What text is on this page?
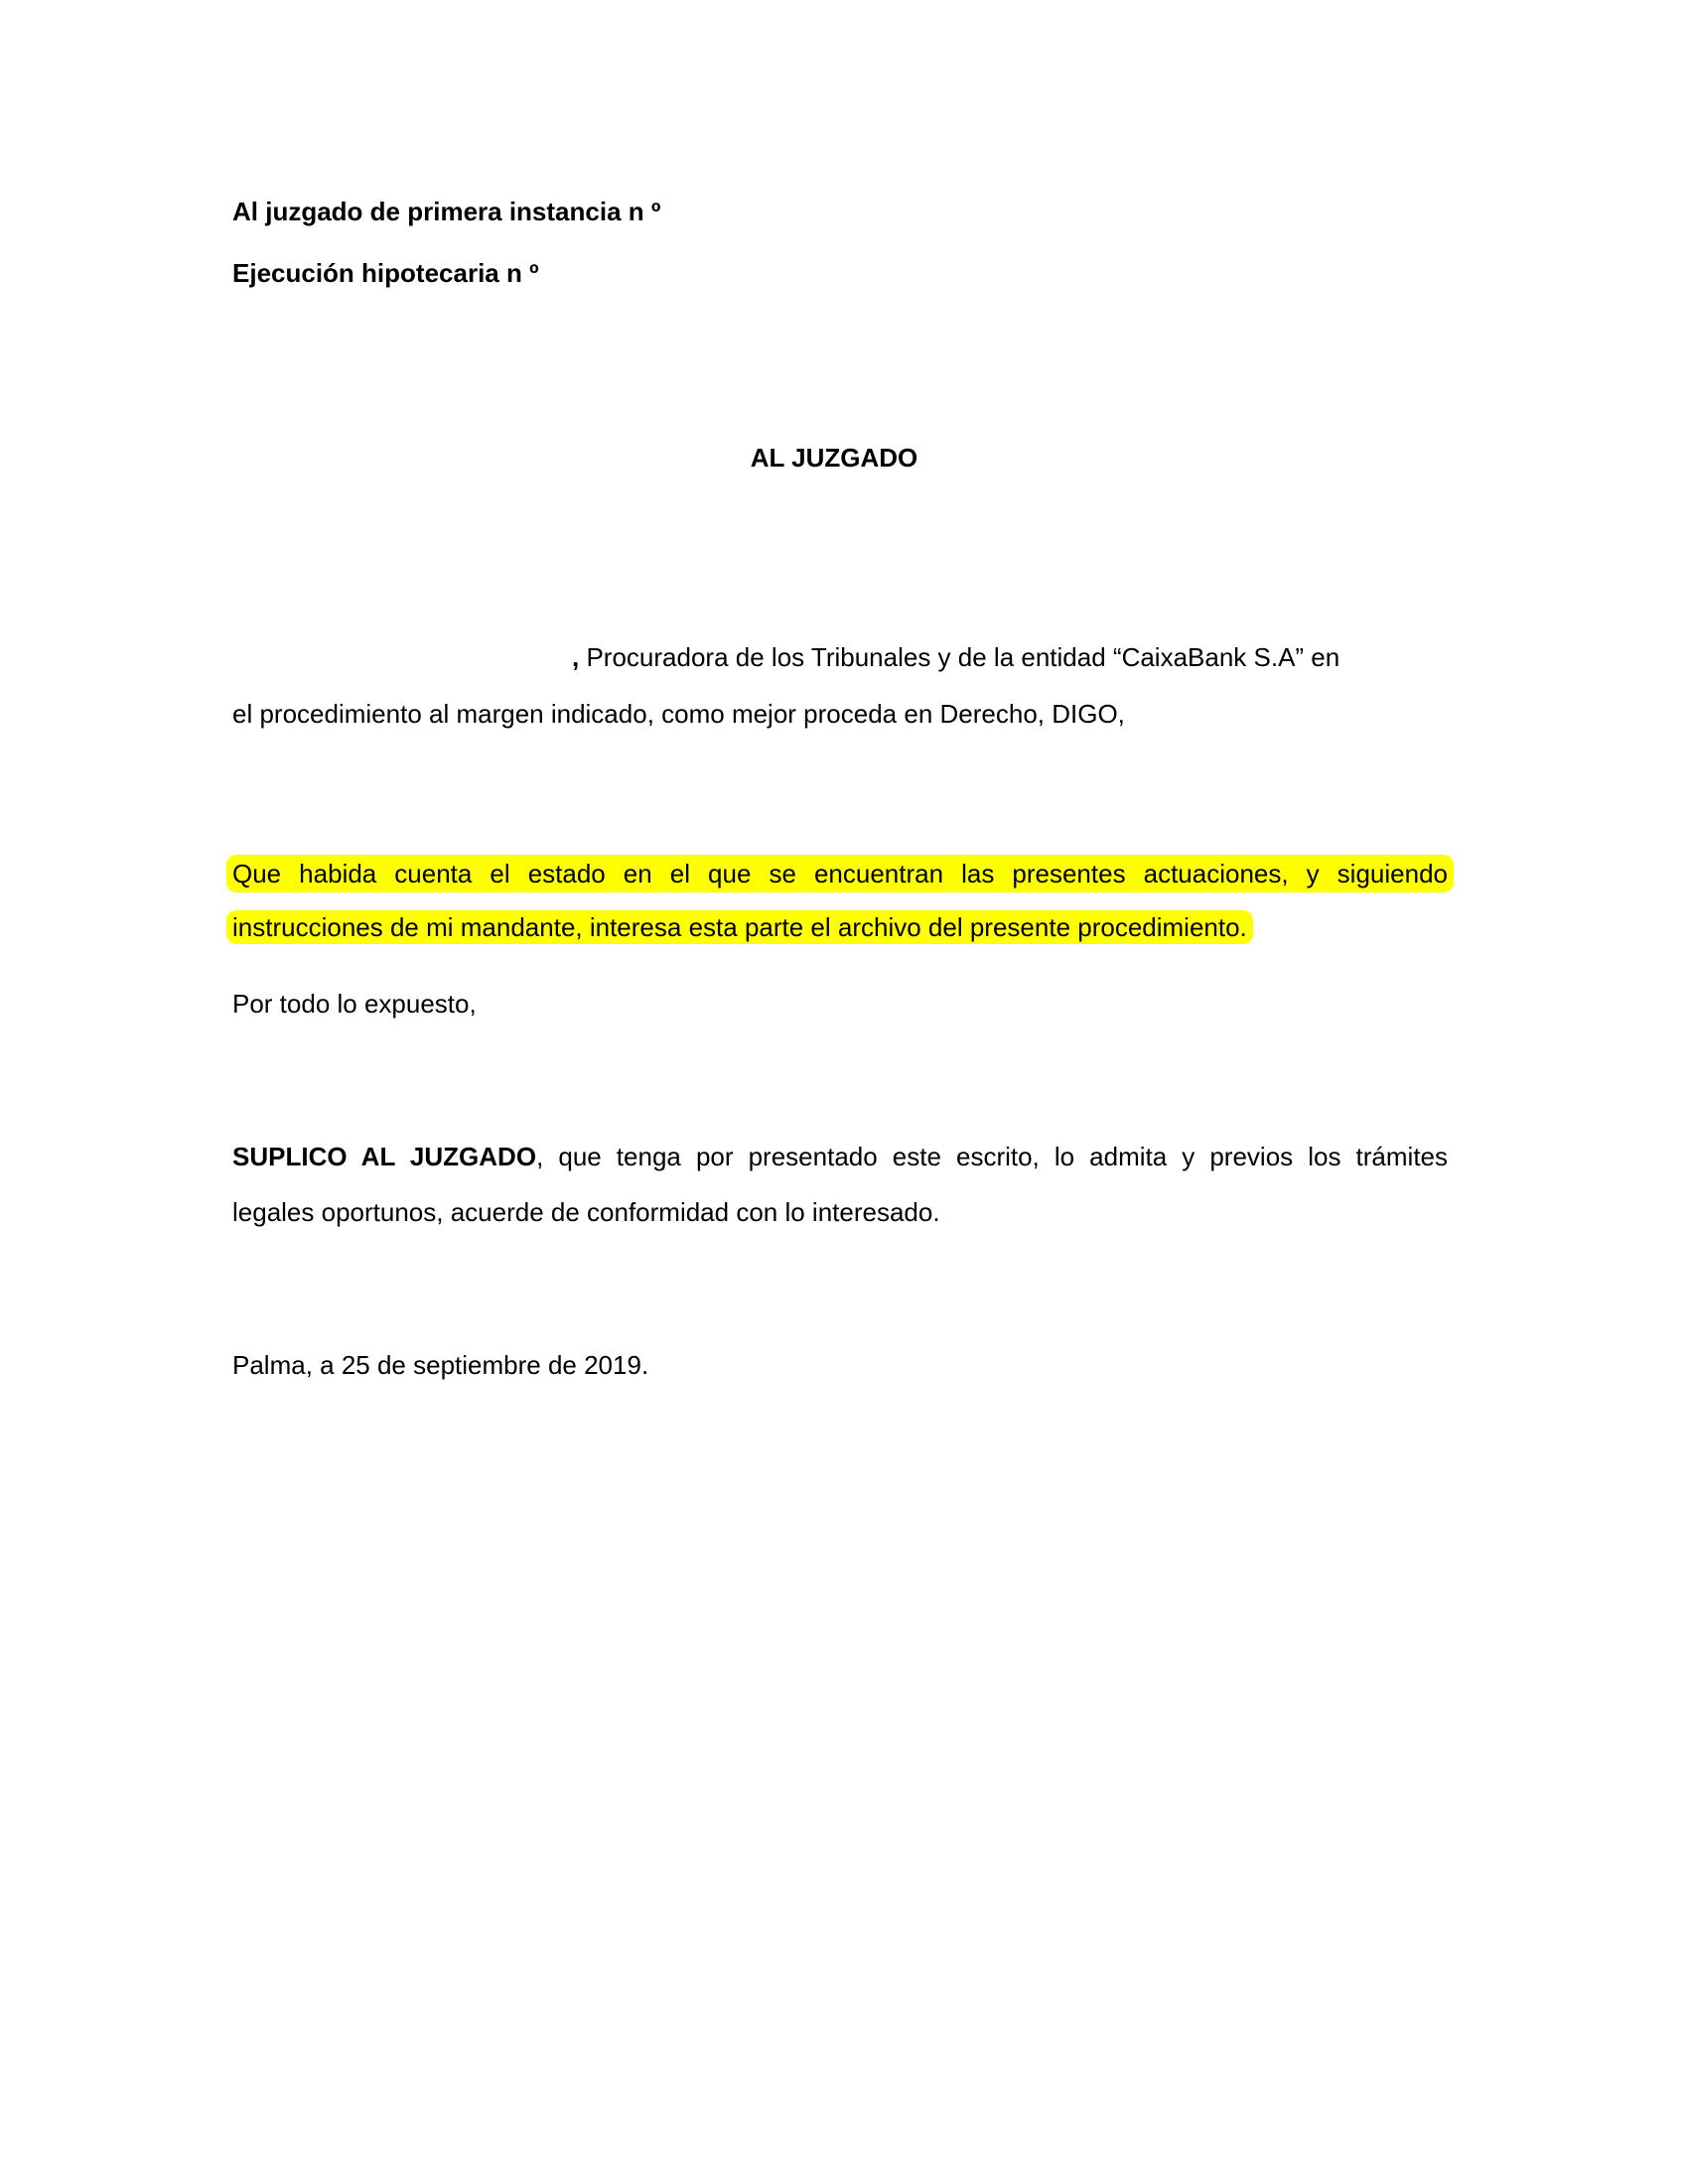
Al juzgado de primera instancia n º
Ejecución hipotecaria n º
AL JUZGADO
, Procuradora de los Tribunales y de la entidad “CaixaBank S.A” en
el procedimiento al margen indicado, como mejor proceda en Derecho, DIGO,
Que habida cuenta el estado en el que se encuentran las presentes actuaciones, y siguiendo
instrucciones de mi mandante, interesa esta parte el archivo del presente procedimiento.
Por todo lo expuesto,
SUPLICO AL JUZGADO, que tenga por presentado este escrito, lo admita y previos los trámites
legales oportunos, acuerde de conformidad con lo interesado.
Palma, a 25 de septiembre de 2019.
